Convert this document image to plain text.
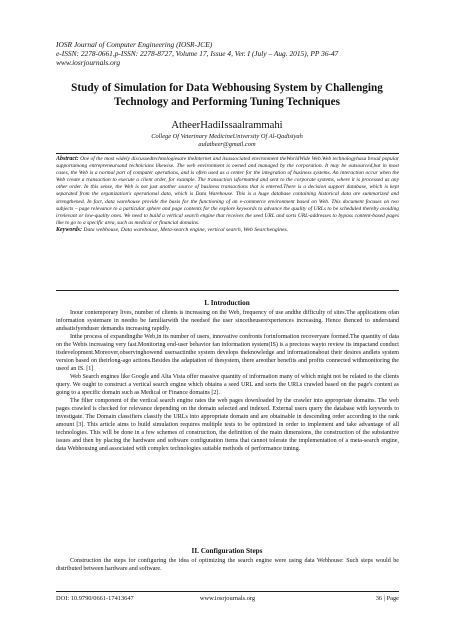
IOSR Journal of Computer Engineering (IOSR-JCE)
e-ISSN: 2278-0661,p-ISSN: 2278-8727, Volume 17, Issue 4, Ver. I (July – Aug. 2015), PP 36-47
www.iosrjournals.org
Study of Simulation for Data Webhousing System by Challenging Technology and Performing Tuning Techniques
AtheerHadiIssaalrammahi
College Of Veterinary MedicineUniversity Of Al-Qadisiyah
aulatheer@gmail.com

Abstract: One of the most widely discussedtechnologiesare theInternet and itsassociated environment theWorldWide Web.Web technologyhasa broad popular supportamong entrepreneursand technicians likewise. The web environment is owned and managed by the corporation. It may be outsourced,but in most cases, the Web is a normal part of computer operations, and is often used as a center for the integration of business systems. An interaction occur when the Web create a transaction to execute a client order, for example. The transaction isformatted and sent to the corporate systems, where it is processed as any other order. In this sense, the Web is not just another source of business transactions that is entered.There is a decision support database, which is kept separated from the organization's operational data, which is Data Warehouse. This is a huge database containing historical data are summarized and strengthened. In fact, data warehouse provide the basis for the functioning of an e-commerce environment based on Web. This document focuses on two subjects – page relevance to a particular sphere and page contents for the explore keywords to advance the quality of URLs to be scheduled thereby avoiding irrelevant or low-quality ones. We need to build a vertical search engine that receives the seed URL and sorts URL-addresses to bypass content-based pages like to go to a specific area, such as medical or financial domains.

Keywords: Data webhouse, Data warehouse, Meta-search engine, vertical search, Web Searchengines.

I. Introduction

Inour contemporary lives, number of clients is increasing on the Web, frequency of use andthe difficulty of sites.The applications ofan information systemare in needto be familiarwith the needsof the user sincetheuserexperiences increasing. Hence thenced to understand andsatisfyenduser demandis increasing rapidly.

Inthe process of expandingthe Web,in its number of users, innovative confronts forinformation recoveryare formed.The quantity of data on the Webis increasing very fast.Monitoring end-user behavior fan information system(IS) is a precious wayto review its impactand conduct itsdevelopment.Moreover,observinghowend usersactinthe system develops theknowledge and informationabout their desires andlets system version based on theirlong-ago actions.Besides the adaptation of thesystem, there areother benefits and profits connected withmonitoring the useof an IS. [1]

Web Search engines like Google and Alta Vista offer massive quantity of information many of which might not be related to the clients query. We ought to construct a vertical search engine which obtains a seed URL and sorts the URLs crawled based on the page's content as going to a specific domain such as Medical or Finance domains [2].

The filter component of the vertical search engine rates the web pages downloaded by the crawler into appropriate domains. The web pages crawled is checked for relevance depending on the domain selected and indexed. External users query the database with keywords to investigate. The Domain classifiers classify the URLs into appropriate domain and are obtainable in descending order according to the rank amount [3]. This article aims to build simulation requires multiple tests to be optimized in order to implement and take advantage of all technologies. This will be done in a few schemes of construction, the definition of the main dimensions, the construction of the substantive issues and then by placing the hardware and software configuration items that cannot tolerate the implementation of a meta-search engine, data Webhousing and associated with complex technologies suitable methods of performance tuning.

II. Configuration Steps

Construction the steps for configuring the idea of optimizing the search engine were using data Webhouse: Such steps would be distributed between hardware and software.

DOI: 10.9790/0661-17413647	www.iosrjournals.org	36 | Page
